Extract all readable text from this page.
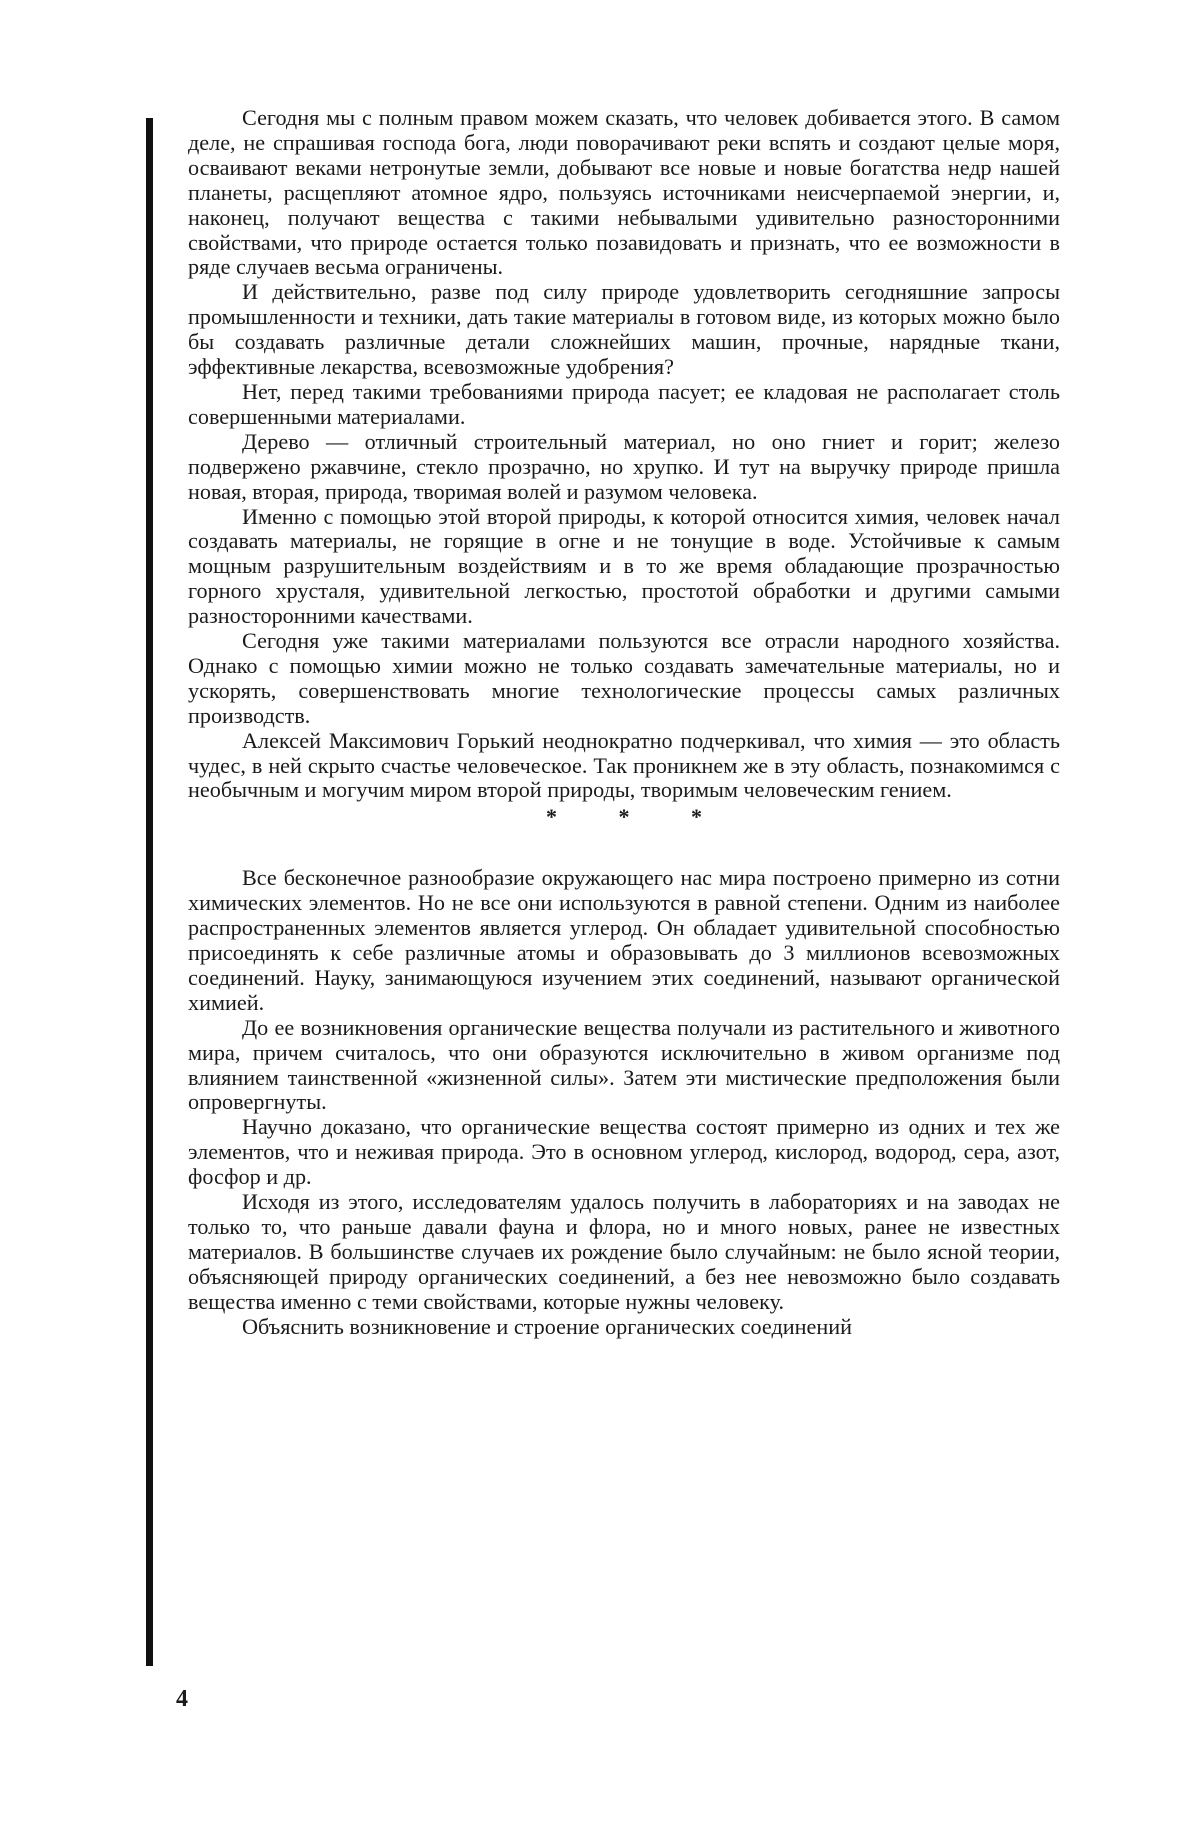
Сегодня мы с полным правом можем сказать, что человек добивается этого. В самом деле, не спрашивая господа бога, люди поворачивают реки вспять и создают целые моря, осваивают веками нетронутые земли, добывают все новые и новые богатства недр нашей планеты, расщепляют атомное ядро, пользуясь источниками неисчерпаемой энергии, и, наконец, получают вещества с такими небывалыми удивительно разносторонними свойствами, что природе остается только позавидовать и признать, что ее возможности в ряде случаев весьма ограничены.

И действительно, разве под силу природе удовлетворить сегодняшние запросы промышленности и техники, дать такие материалы в готовом виде, из которых можно было бы создавать различные детали сложнейших машин, прочные, нарядные ткани, эффективные лекарства, всевозможные удобрения?

Нет, перед такими требованиями природа пасует; ее кладовая не располагает столь совершенными материалами.

Дерево — отличный строительный материал, но оно гниет и горит; железо подвержено ржавчине, стекло прозрачно, но хрупко. И тут на выручку природе пришла новая, вторая, природа, творимая волей и разумом человека.

Именно с помощью этой второй природы, к которой относится химия, человек начал создавать материалы, не горящие в огне и не тонущие в воде. Устойчивые к самым мощным разрушительным воздействиям и в то же время обладающие прозрачностью горного хрусталя, удивительной легкостью, простотой обработки и другими самыми разносторонними качествами.

Сегодня уже такими материалами пользуются все отрасли народного хозяйства. Однако с помощью химии можно не только создавать замечательные материалы, но и ускорять, совершенствовать многие технологические процессы самых различных производств.

Алексей Максимович Горький неоднократно подчеркивал, что химия — это область чудес, в ней скрыто счастье человеческое. Так проникнем же в эту область, познакомимся с необычным и могучим миром второй природы, творимым человеческим гением.

* * *

Все бесконечное разнообразие окружающего нас мира построено примерно из сотни химических элементов. Но не все они используются в равной степени. Одним из наиболее распространенных элементов является углерод. Он обладает удивительной способностью присоединять к себе различные атомы и образовывать до 3 миллионов всевозможных соединений. Науку, занимающуюся изучением этих соединений, называют органической химией.

До ее возникновения органические вещества получали из растительного и животного мира, причем считалось, что они образуются исключительно в живом организме под влиянием таинственной «жизненной силы». Затем эти мистические предположения были опровергнуты.

Научно доказано, что органические вещества состоят примерно из одних и тех же элементов, что и неживая природа. Это в основном углерод, кислород, водород, сера, азот, фосфор и др.

Исходя из этого, исследователям удалось получить в лабораториях и на заводах не только то, что раньше давали фауна и флора, но и много новых, ранее не известных материалов. В большинстве случаев их рождение было случайным: не было ясной теории, объясняющей природу органических соединений, а без нее невозможно было создавать вещества именно с теми свойствами, которые нужны человеку.

Объяснить возникновение и строение органических соединений

4
